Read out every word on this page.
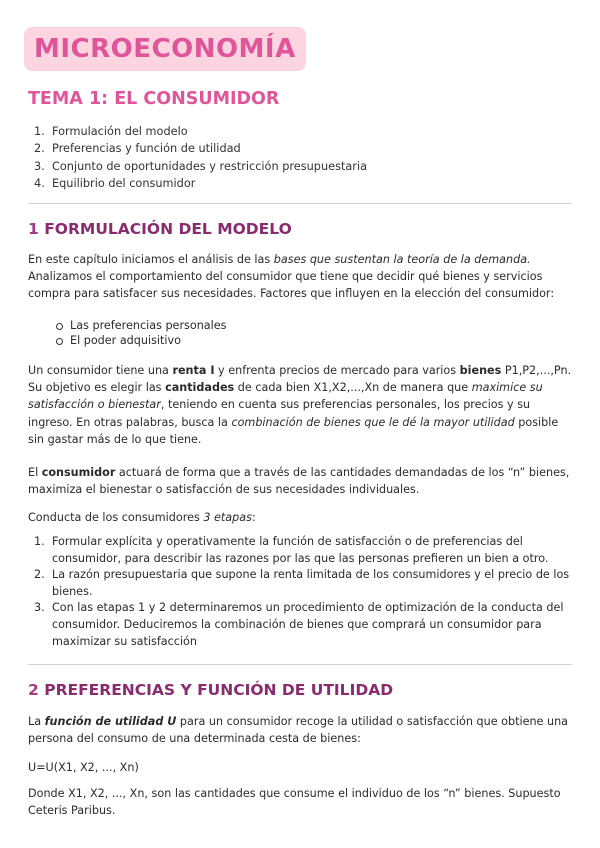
MICROECONOMÍA
TEMA 1: EL CONSUMIDOR
1. Formulación del modelo
2. Preferencias y función de utilidad
3. Conjunto de oportunidades y restricción presupuestaria
4. Equilibrio del consumidor
1 FORMULACIÓN DEL MODELO

En este capítulo iniciamos el análisis de las bases que sustentan la teoría de la demanda.
Analizamos el comportamiento del consumidor que tiene que decidir qué bienes y servicios compra para satisfacer sus necesidades. Factores que influyen en la elección del consumidor:

Las preferencias personales
El poder adquisitivo

Un consumidor tiene una renta I y enfrenta precios de mercado para varios bienes P1,P2,...,Pn. Su objetivo es elegir las cantidades de cada bien X1,X2,...,Xn de manera que maximice su satisfacción o bienestar, teniendo en cuenta sus preferencias personales, los precios y su ingreso. En otras palabras, busca la combinación de bienes que le dé la mayor utilidad posible sin gastar más de lo que tiene.

El consumidor actuará de forma que a través de las cantidades demandadas de los “n” bienes, maximiza el bienestar o satisfacción de sus necesidades individuales.

Conducta de los consumidores 3 etapas:

1. Formular explícita y operativamente la función de satisfacción o de preferencias del consumidor, para describir las razones por las que las personas prefieren un bien a otro.
2. La razón presupuestaria que supone la renta limitada de los consumidores y el precio de los bienes.
3. Con las etapas 1 y 2 determinaremos un procedimiento de optimización de la conducta del consumidor. Deduciremos la combinación de bienes que comprará un consumidor para maximizar su satisfacción
2 PREFERENCIAS Y FUNCIÓN DE UTILIDAD

La función de utilidad U para un consumidor recoge la utilidad o satisfacción que obtiene una persona del consumo de una determinada cesta de bienes:

U=U(X1, X2, ..., Xn)

Donde X1, X2, ..., Xn, son las cantidades que consume el individuo de los “n” bienes. Supuesto Ceteris Paribus.
